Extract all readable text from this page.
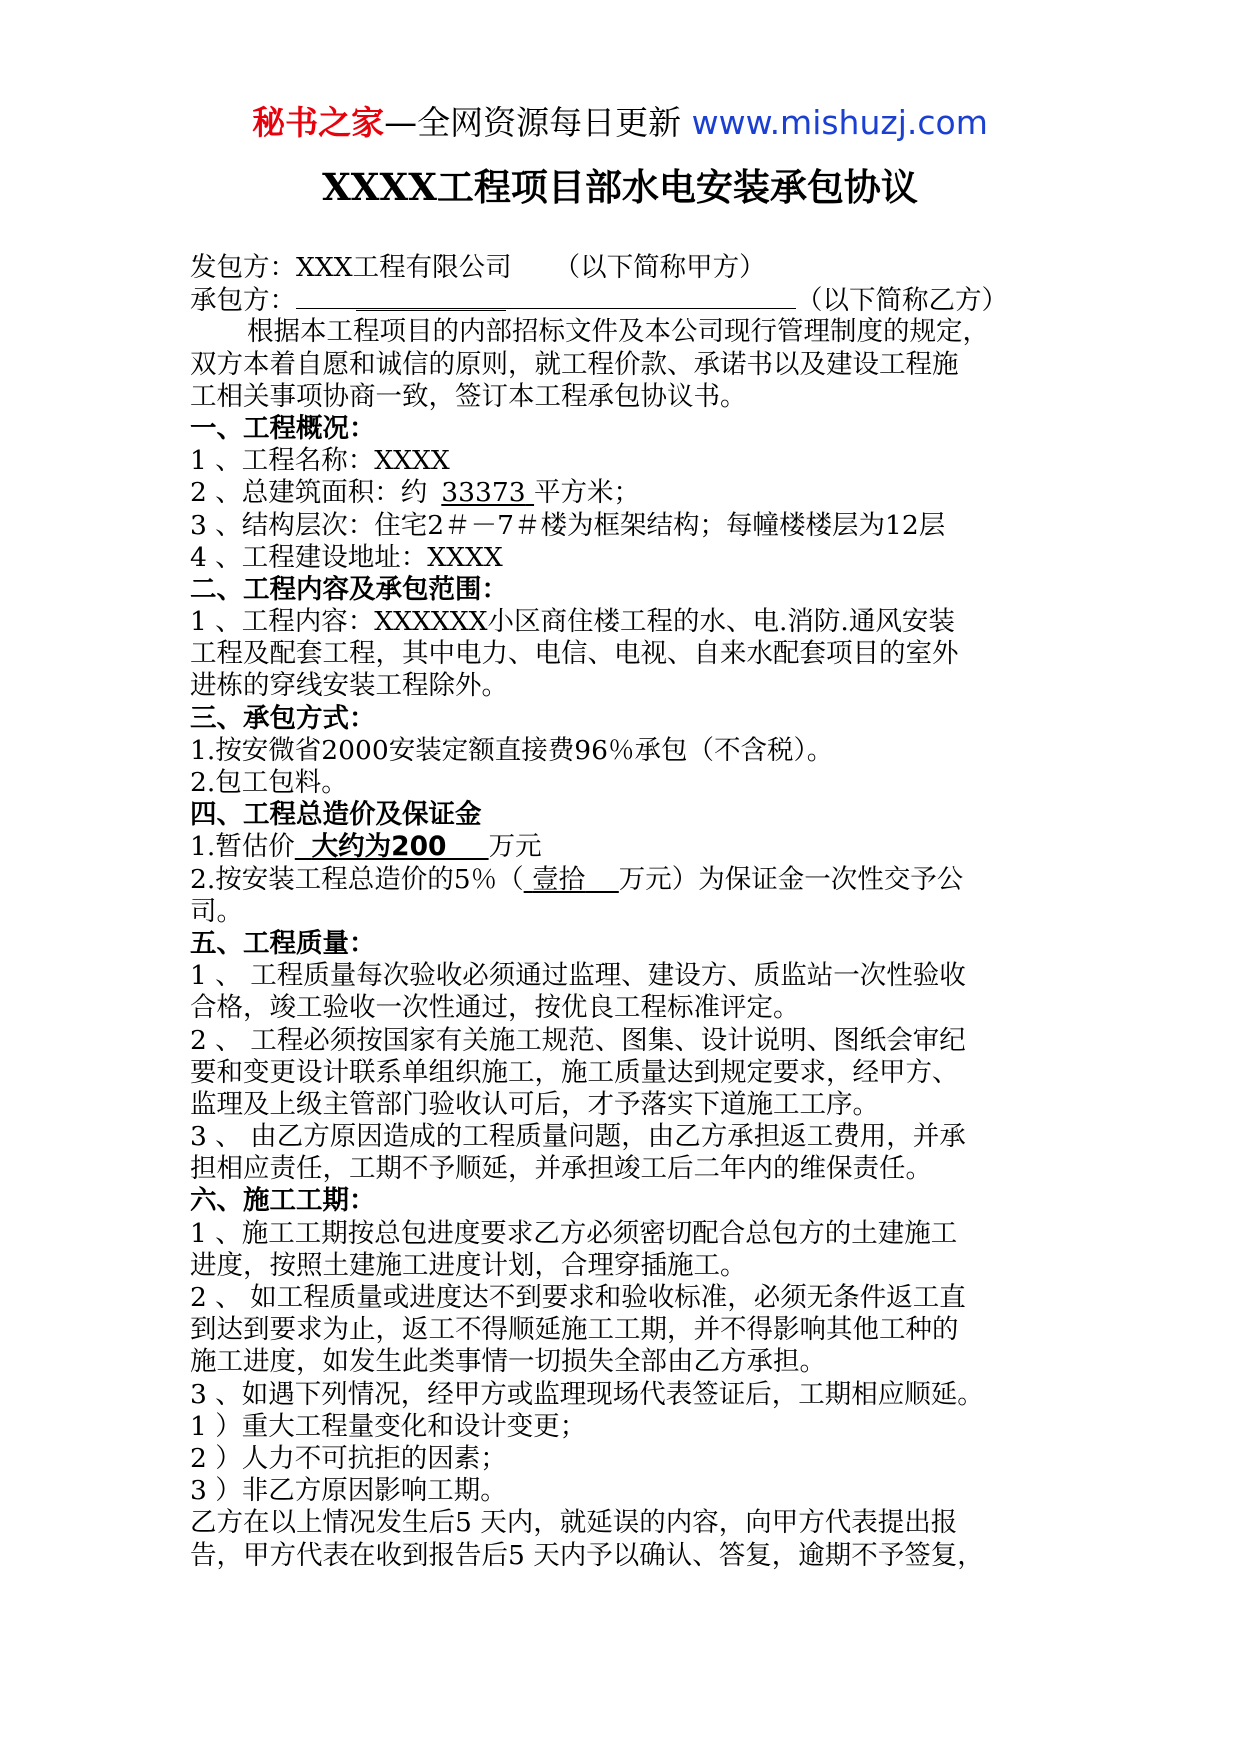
秘书之家—全网资源每日更新 www.mishuzj.com
XXXX工程项目部水电安装承包协议
发包方：XXX工程有限公司 （以下简称甲方）
承包方：	（以下简称乙方）
根据本工程项目的内部招标文件及本公司现行管理制度的规定，
双方本着自愿和诚信的原则，就工程价款、承诺书以及建设工程施
工相关事项协商一致，签订本工程承包协议书。
一、工程概况：
1 、工程名称：XXXX
2 、总建筑面积：约 33373 平方米；
3 、结构层次：住宅2＃－7＃楼为框架结构；每幢楼楼层为12层
4 、工程建设地址：XXXX
二、工程内容及承包范围：
1 、工程内容：XXXXXX小区商住楼工程的水、电.消防.通风安装
工程及配套工程，其中电力、电信、电视、自来水配套项目的室外
进栋的穿线安装工程除外。
三、承包方式：
1.按安微省2000安装定额直接费96％承包（不含税）。
2.包工包料。
四、工程总造价及保证金
1.暂估价 大约为200 万元
2.按安装工程总造价的5％（ 壹拾 万元）为保证金一次性交予公
司。
五、工程质量：
1 、 工程质量每次验收必须通过监理、建设方、质监站一次性验收
合格，竣工验收一次性通过，按优良工程标准评定。
2 、 工程必须按国家有关施工规范、图集、设计说明、图纸会审纪
要和变更设计联系单组织施工，施工质量达到规定要求，经甲方、
监理及上级主管部门验收认可后，才予落实下道施工工序。
3 、 由乙方原因造成的工程质量问题，由乙方承担返工费用，并承
担相应责任，工期不予顺延，并承担竣工后二年内的维保责任。
六、施工工期：
1 、施工工期按总包进度要求乙方必须密切配合总包方的土建施工
进度，按照土建施工进度计划，合理穿插施工。
2 、 如工程质量或进度达不到要求和验收标准，必须无条件返工直
到达到要求为止，返工不得顺延施工工期，并不得影响其他工种的
施工进度，如发生此类事情一切损失全部由乙方承担。
3 、如遇下列情况，经甲方或监理现场代表签证后，工期相应顺延。
1 ）重大工程量变化和设计变更；
2 ）人力不可抗拒的因素；
3 ）非乙方原因影响工期。
乙方在以上情况发生后5 天内，就延误的内容，向甲方代表提出报
告，甲方代表在收到报告后5 天内予以确认、答复，逾期不予签复，
